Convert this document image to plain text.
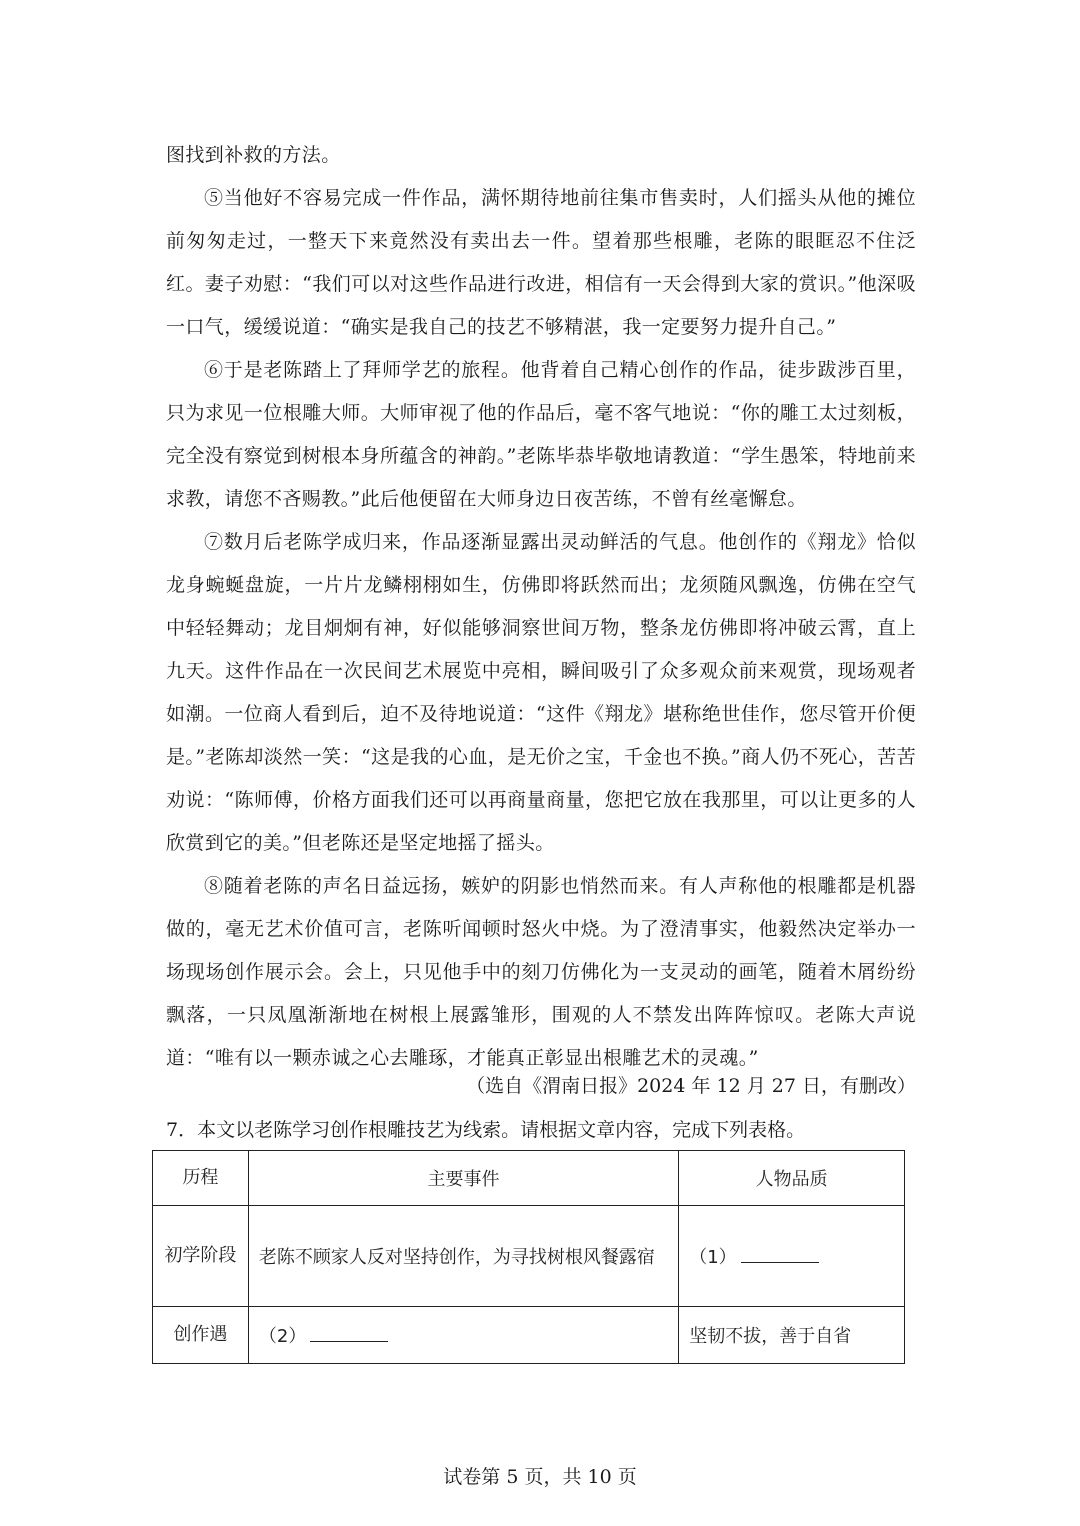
图找到补救的方法。

⑤当他好不容易完成一件作品，满怀期待地前往集市售卖时，人们摇头从他的摊位前匆匆走过，一整天下来竟然没有卖出去一件。望着那些根雕，老陈的眼眶忍不住泛红。妻子劝慰：“我们可以对这些作品进行改进，相信有一天会得到大家的赏识。”他深吸一口气，缓缓说道：“确实是我自己的技艺不够精湛，我一定要努力提升自己。”

⑥于是老陈踏上了拜师学艺的旅程。他背着自己精心创作的作品，徒步跋涉百里，只为求见一位根雕大师。大师审视了他的作品后，毫不客气地说：“你的雕工太过刻板，完全没有察觉到树根本身所蕴含的神韵。”老陈毕恭毕敬地请教道：“学生愚笨，特地前来求教，请您不吝赐教。”此后他便留在大师身边日夜苦练，不曾有丝毫懈怠。

⑦数月后老陈学成归来，作品逐渐显露出灵动鲜活的气息。他创作的《翔龙》恰似龙身蜿蜒盘旋，一片片龙鳞栩栩如生，仿佛即将跃然而出；龙须随风飘逸，仿佛在空气中轻轻舞动；龙目炯炯有神，好似能够洞察世间万物，整条龙仿佛即将冲破云霄，直上九天。这件作品在一次民间艺术展览中亮相，瞬间吸引了众多观众前来观赏，现场观者如潮。一位商人看到后，迫不及待地说道：“这件《翔龙》堪称绝世佳作，您尽管开价便是。”老陈却淡然一笑：“这是我的心血，是无价之宝，千金也不换。”商人仍不死心，苦苦劝说：“陈师傅，价格方面我们还可以再商量商量，您把它放在我那里，可以让更多的人欣赏到它的美。”但老陈还是坚定地摇了摇头。

⑧随着老陈的声名日益远扬，嫉妒的阴影也悄然而来。有人声称他的根雕都是机器做的，毫无艺术价值可言，老陈听闻顿时怒火中烧。为了澄清事实，他毅然决定举办一场现场创作展示会。会上，只见他手中的刻刀仿佛化为一支灵动的画笔，随着木屑纷纷飘落，一只凤凰渐渐地在树根上展露雏形，围观的人不禁发出阵阵惊叹。老陈大声说道：“唯有以一颗赤诚之心去雕琢，才能真正彰显出根雕艺术的灵魂。”

（选自《渭南日报》2024 年 12 月 27 日，有删改）
7．本文以老陈学习创作根雕技艺为线索。请根据文章内容，完成下列表格。
历程	主要事件	人物品质
初学阶段	老陈不顾家人反对坚持创作，为寻找树根风餐露宿	（1）
创作遇	（2）	坚韧不拔，善于自省
试卷第 5 页，共 10 页
